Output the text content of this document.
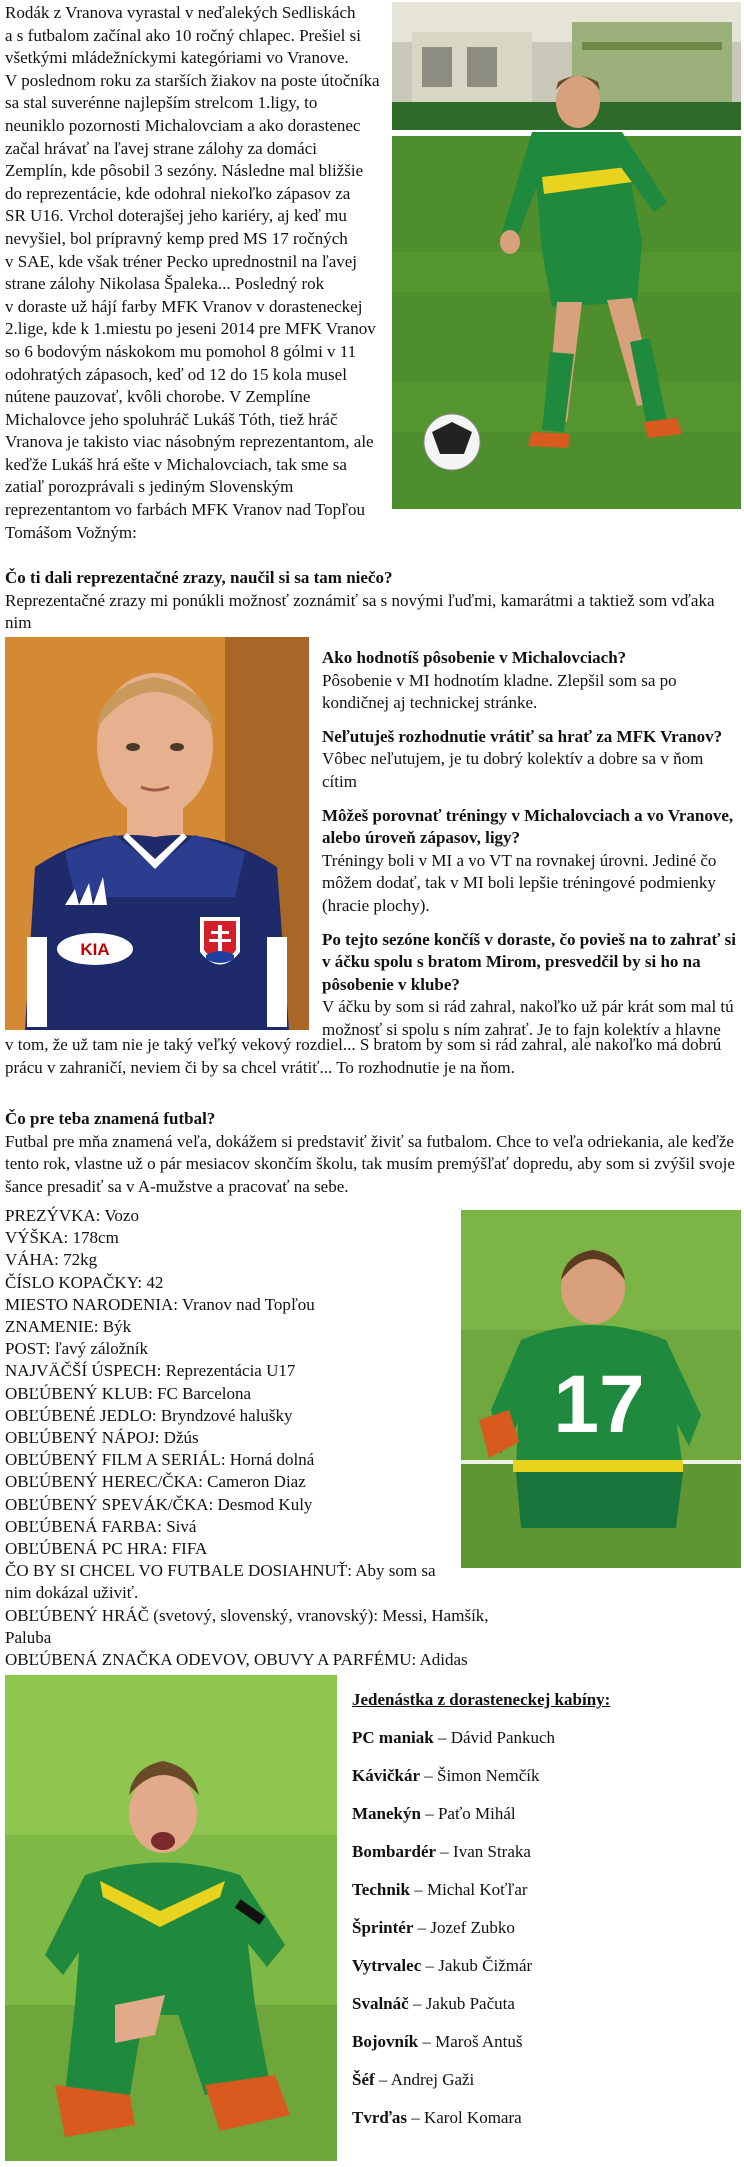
Rodák z Vranova vyrastal v neďalekých Sedliskách
a s futbalom začínal ako 10 ročný chlapec. Prešiel si
všetkými mládežníckymi kategóriami vo Vranove.
V poslednom roku za starších žiakov na poste útočníka
sa stal suverénne najlepším strelcom 1.ligy, to
neuniklo pozornosti Michalovciam a ako dorastenec
začal hrávať na ľavej strane zálohy za domáci
Zemplín, kde pôsobil 3 sezóny. Následne mal bližšie
do reprezentácie, kde odohral niekoľko zápasov za
SR U16. Vrchol doterajšej jeho kariéry, aj keď mu
nevyšiel, bol prípravný kemp pred MS 17 ročných
v SAE, kde však tréner Pecko uprednostnil na ľavej
strane zálohy Nikolasa Špaleka... Posledný rok
v doraste už hájí farby MFK Vranov v dorasteneckej
2.lige, kde k 1.miestu po jeseni 2014 pre MFK Vranov
so 6 bodovým náskokom mu pomohol 8 gólmi v 11
odohratých zápasoch, keď od 12 do 15 kola musel
nútene pauzovať, kvôli chorobe. V Zemplíne
Michalovce jeho spoluhráč Lukáš Tóth, tiež hráč
Vranova je takisto viac násobným reprezentantom, ale
keďže Lukáš hrá ešte v Michalovciach, tak sme sa
zatiaľ porozprávali s jediným Slovenským
reprezentantom vo farbách MFK Vranov nad Topľou
Tomášom Vožným:
Čo ti dali reprezentačné zrazy, naučil si sa tam niečo?
Reprezentačné zrazy mi ponúkli možnosť zoznámiť sa s novými ľuďmi, kamarátmi a taktiež som vďaka nim
KIA
Ako hodnotíš pôsobenie v Michalovciach?
Pôsobenie v MI hodnotím kladne. Zlepšil som sa po
kondičnej aj technickej stránke.
Neľutuješ rozhodnutie vrátiť sa hrať za MFK Vranov?
Vôbec neľutujem, je tu dobrý kolektív a dobre sa v ňom cítim
Môžeš porovnať tréningy v Michalovciach a vo Vranove,
alebo úroveň zápasov, ligy?
Tréningy boli v MI a vo VT na rovnakej úrovni. Jediné čo
môžem dodať, tak v MI boli lepšie tréningové podmienky
(hracie plochy).
Po tejto sezóne končíš v doraste, čo povieš na to zahrať si
v áčku spolu s bratom Mirom, presvedčil by si ho na
pôsobenie v klube?
V áčku by som si rád zahral, nakoľko už pár krát som mal tú
možnosť si spolu s ním zahrať. Je to fajn kolektív a hlavne
v tom, že už tam nie je taký veľký vekový rozdiel... S bratom by som si rád zahral, ale nakoľko má dobrú
prácu v zahraničí, neviem či by sa chcel vrátiť... To rozhodnutie je na ňom.
Čo pre teba znamená futbal?
Futbal pre mňa znamená veľa, dokážem si predstaviť živiť sa futbalom. Chce to veľa odriekania, ale keďže
tento rok, vlastne už o pár mesiacov skončím školu, tak musím premýšľať dopredu, aby som si zvýšil svoje
šance presadiť sa v A-mužstve a pracovať na sebe.
PREZÝVKA: Vozo
VÝŠKA: 178cm
VÁHA: 72kg
ČÍSLO KOPAČKY: 42
MIESTO NARODENIA: Vranov nad Topľou
ZNAMENIE: Býk
POST: ľavý záložník
NAJVÄČŠÍ ÚSPECH: Reprezentácia U17
OBĽÚBENÝ KLUB: FC Barcelona
OBĽÚBENÉ JEDLO: Bryndzové halušky
OBĽÚBENÝ NÁPOJ: Džús
OBĽÚBENÝ FILM A SERIÁL: Horná dolná
OBĽÚBENÝ HEREC/ČKA: Cameron Diaz
OBĽÚBENÝ SPEVÁK/ČKA: Desmod Kuly
OBĽÚBENÁ FARBA: Sivá
OBĽÚBENÁ PC HRA: FIFA
ČO BY SI CHCEL VO FUTBALE DOSIAHNUŤ: Aby som sa
nim dokázal uživiť.
OBĽÚBENÝ HRÁČ (svetový, slovenský, vranovský): Messi, Hamšík, Paluba
OBĽÚBENÁ ZNAČKA ODEVOV, OBUVY A PARFÉMU: Adidas
17
Jedenástka z dorasteneckej kabíny:
PC maniak – Dávid Pankuch
Kávičkár – Šimon Nemčík
Manekýn – Paťo Mihál
Bombardér – Ivan Straka
Technik – Michal Koťľar
Šprintér – Jozef Zubko
Vytrvalec – Jakub Čižmár
Svalnáč – Jakub Pačuta
Bojovník – Maroš Antuš
Šéf – Andrej Gaži
Tvrďas – Karol Komara
